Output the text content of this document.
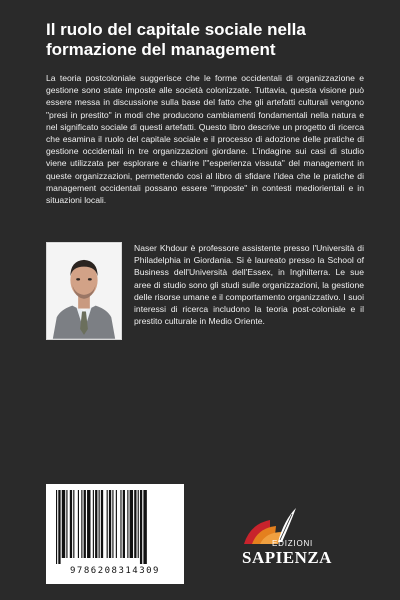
Il ruolo del capitale sociale nella formazione del management
La teoria postcoloniale suggerisce che le forme occidentali di organizzazione e gestione sono state imposte alle società colonizzate. Tuttavia, questa visione può essere messa in discussione sulla base del fatto che gli artefatti culturali vengono "presi in prestito" in modi che producono cambiamenti fondamentali nella natura e nel significato sociale di questi artefatti. Questo libro descrive un progetto di ricerca che esamina il ruolo del capitale sociale e il processo di adozione delle pratiche di gestione occidentali in tre organizzazioni giordane. L'indagine sui casi di studio viene utilizzata per esplorare e chiarire l'"esperienza vissuta" del management in queste organizzazioni, permettendo così al libro di sfidare l'idea che le pratiche di management occidentali possano essere "imposte" in contesti mediorientali e in situazioni locali.
Naser Khdour è professore assistente presso l'Università di Philadelphia in Giordania. Si è laureato presso la School of Business dell'Università dell'Essex, in Inghilterra. Le sue aree di studio sono gli studi sulle organizzazioni, la gestione delle risorse umane e il comportamento organizzativo. I suoi interessi di ricerca includono la teoria post-coloniale e il prestito culturale in Medio Oriente.
9786208314309
EDIZIONI
SAPIENZA
